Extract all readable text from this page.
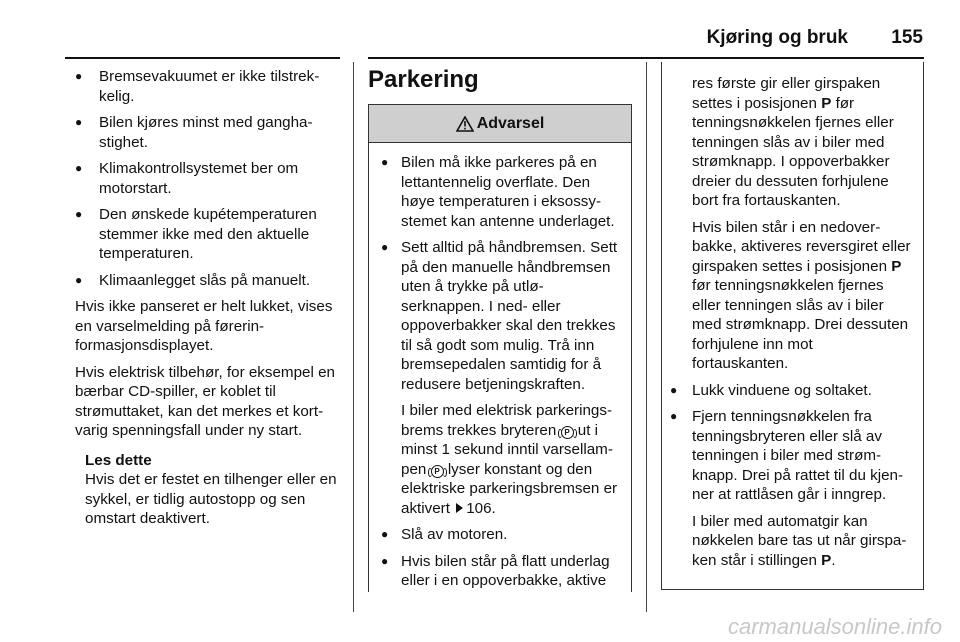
Kjøring og bruk 155
● Bremsevakuumet er ikke tilstrekkelig.
● Bilen kjøres minst med ganghastighet.
● Klimakontrollsystemet ber om motorstart.
● Den ønskede kupétemperaturen stemmer ikke med den aktuelle temperaturen.
● Klimaanlegget slås på manuelt.

Hvis ikke panseret er helt lukket, vises en varselmelding på førerinformasjonsdisplayet.

Hvis elektrisk tilbehør, for eksempel en bærbar CD-spiller, er koblet til strømuttaket, kan det merkes et kortvarig spenningsfall under ny start.

Les dette
Hvis det er festet en tilhenger eller en sykkel, er tidlig autostopp og sen omstart deaktivert.
Parkering
Advarsel
● Bilen må ikke parkeres på en lettantennelig overflate. Den høye temperaturen i eksossystemet kan antenne underlaget.
● Sett alltid på håndbremsen. Sett på den manuelle håndbremsen uten å trykke på utløserknappen. I ned- eller oppoverbakker skal den trekkes til så godt som mulig. Trå inn bremsepedalen samtidig for å redusere betjeningskraften.
I biler med elektrisk parkeringsbrems trekkes bryteren P ut i minst 1 sekund inntil varsellampen P lyser konstant og den elektriske parkeringsbremsen er aktivert 106.
● Slå av motoren.
● Hvis bilen står på flatt underlag eller i en oppoverbakke, aktive

res første gir eller girspaken settes i posisjonen P før tenningsnøkkelen fjernes eller tenningen slås av i biler med strømknapp. I oppoverbakker dreier du dessuten forhjulene bort fra fortauskanten.

Hvis bilen står i en nedoverbakke, aktiveres reversgiret eller girspaken settes i posisjonen P før tenningsnøkkelen fjernes eller tenningen slås av i biler med strømknapp. Drei dessuten forhjulene inn mot fortauskanten.

● Lukk vinduene og soltaket.
● Fjern tenningsnøkkelen fra tenningsbryteren eller slå av tenningen i biler med strømknapp. Drei på rattet til du kjenner at rattlåsen går i inngrep.
I biler med automatgir kan nøkkelen bare tas ut når girspaken står i stillingen P.
carmanualsonline.info
